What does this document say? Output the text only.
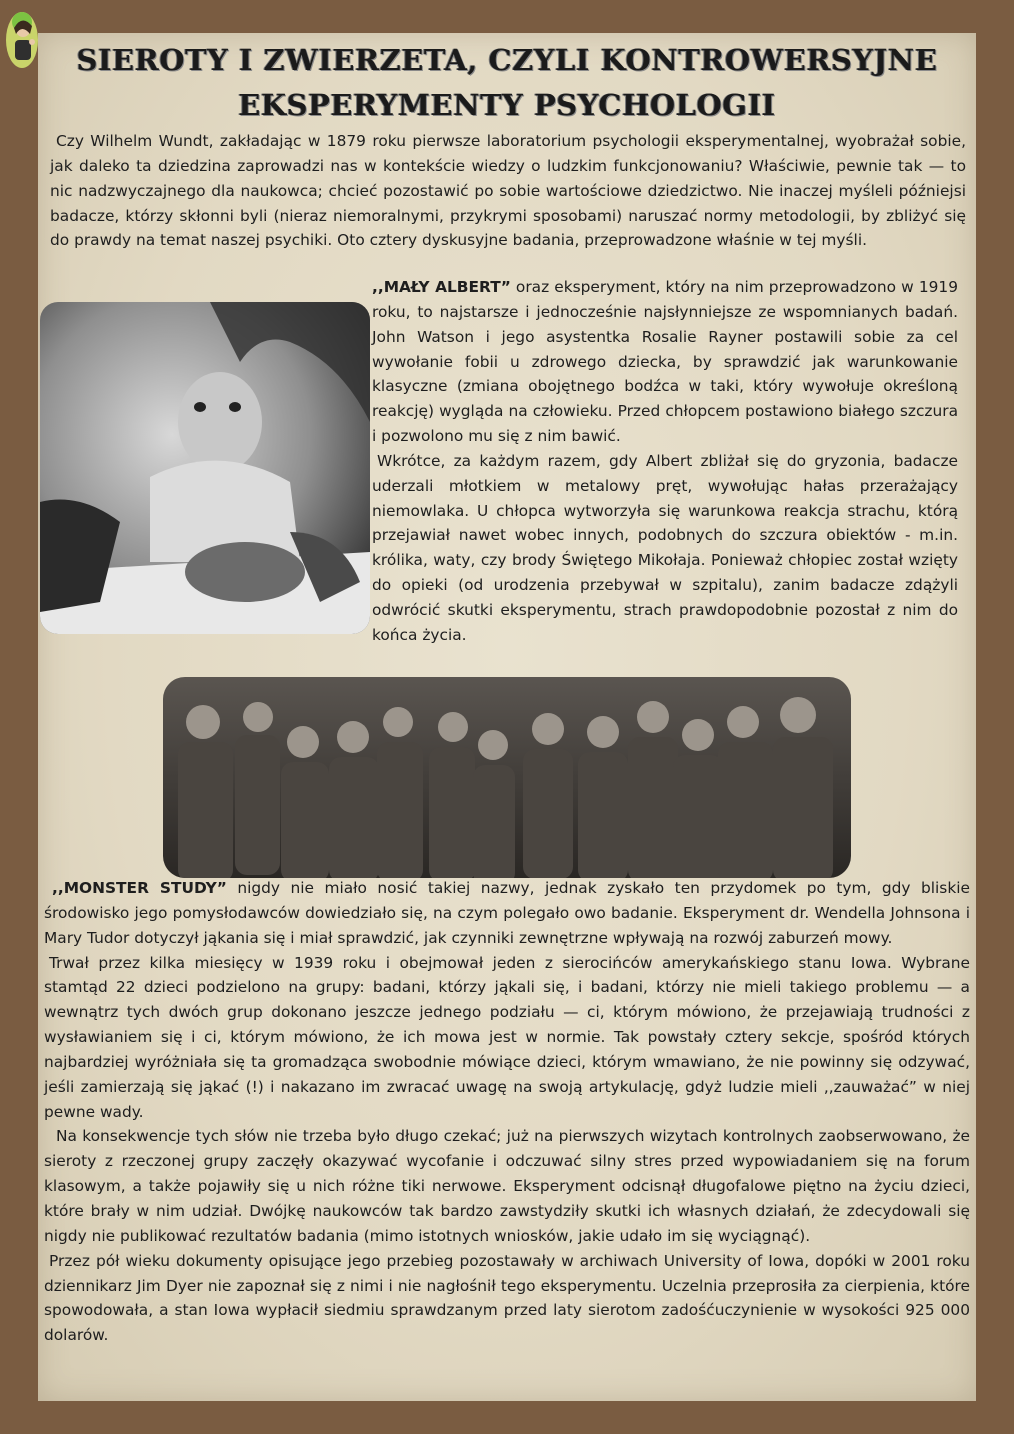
SIEROTY I ZWIERZETA, CZYLI KONTROWERSYJNE
EKSPERYMENTY PSYCHOLOGII

Czy Wilhelm Wundt, zakładając w 1879 roku pierwsze laboratorium psychologii eksperymentalnej, wyobrażał sobie, jak daleko ta dziedzina zaprowadzi nas w kontekście wiedzy o ludzkim funkcjonowaniu? Właściwie, pewnie tak — to nic nadzwyczajnego dla naukowca; chcieć pozostawić po sobie wartościowe dziedzictwo. Nie inaczej myśleli późniejsi badacze, którzy skłonni byli (nieraz niemoralnymi, przykrymi sposobami) naruszać normy metodologii, by zbliżyć się do prawdy na temat naszej psychiki. Oto cztery dyskusyjne badania, przeprowadzone właśnie w tej myśli.

,,MAŁY ALBERT” oraz eksperyment, który na nim przeprowadzono w 1919 roku, to najstarsze i jednocześnie najsłynniejsze ze wspomnianych badań. John Watson i jego asystentka Rosalie Rayner postawili sobie za cel wywołanie fobii u zdrowego dziecka, by sprawdzić jak warunkowanie klasyczne (zmiana obojętnego bodźca w taki, który wywołuje określoną reakcję) wygląda na człowieku. Przed chłopcem postawiono białego szczura i pozwolono mu się z nim bawić.

Wkrótce, za każdym razem, gdy Albert zbliżał się do gryzonia, badacze uderzali młotkiem w metalowy pręt, wywołując hałas przerażający niemowlaka. U chłopca wytworzyła się warunkowa reakcja strachu, którą przejawiał nawet wobec innych, podobnych do szczura obiektów - m.in. królika, waty, czy brody Świętego Mikołaja. Ponieważ chłopiec został wzięty do opieki (od urodzenia przebywał w szpitalu), zanim badacze zdążyli odwrócić skutki eksperymentu, strach prawdopodobnie pozostał z nim do końca życia.

,,MONSTER STUDY” nigdy nie miało nosić takiej nazwy, jednak zyskało ten przydomek po tym, gdy bliskie środowisko jego pomysłodawców dowiedziało się, na czym polegało owo badanie. Eksperyment dr. Wendella Johnsona i Mary Tudor dotyczył jąkania się i miał sprawdzić, jak czynniki zewnętrzne wpływają na rozwój zaburzeń mowy.

Trwał przez kilka miesięcy w 1939 roku i obejmował jeden z sierocińców amerykańskiego stanu Iowa. Wybrane stamtąd 22 dzieci podzielono na grupy: badani, którzy jąkali się, i badani, którzy nie mieli takiego problemu — a wewnątrz tych dwóch grup dokonano jeszcze jednego podziału — ci, którym mówiono, że przejawiają trudności z wysławianiem się i ci, którym mówiono, że ich mowa jest w normie. Tak powstały cztery sekcje, spośród których najbardziej wyróżniała się ta gromadząca swobodnie mówiące dzieci, którym wmawiano, że nie powinny się odzywać, jeśli zamierzają się jąkać (!) i nakazano im zwracać uwagę na swoją artykulację, gdyż ludzie mieli ,,zauważać” w niej pewne wady.

Na konsekwencje tych słów nie trzeba było długo czekać; już na pierwszych wizytach kontrolnych zaobserwowano, że sieroty z rzeczonej grupy zaczęły okazywać wycofanie i odczuwać silny stres przed wypowiadaniem się na forum klasowym, a także pojawiły się u nich różne tiki nerwowe. Eksperyment odcisnął długofalowe piętno na życiu dzieci, które brały w nim udział. Dwójkę naukowców tak bardzo zawstydziły skutki ich własnych działań, że zdecydowali się nigdy nie publikować rezultatów badania (mimo istotnych wniosków, jakie udało im się wyciągnąć).

Przez pół wieku dokumenty opisujące jego przebieg pozostawały w archiwach University of Iowa, dopóki w 2001 roku dziennikarz Jim Dyer nie zapoznał się z nimi i nie nagłośnił tego eksperymentu. Uczelnia przeprosiła za cierpienia, które spowodowała, a stan Iowa wypłacił siedmiu sprawdzanym przed laty sierotom zadośćuczynienie w wysokości 925 000 dolarów.
